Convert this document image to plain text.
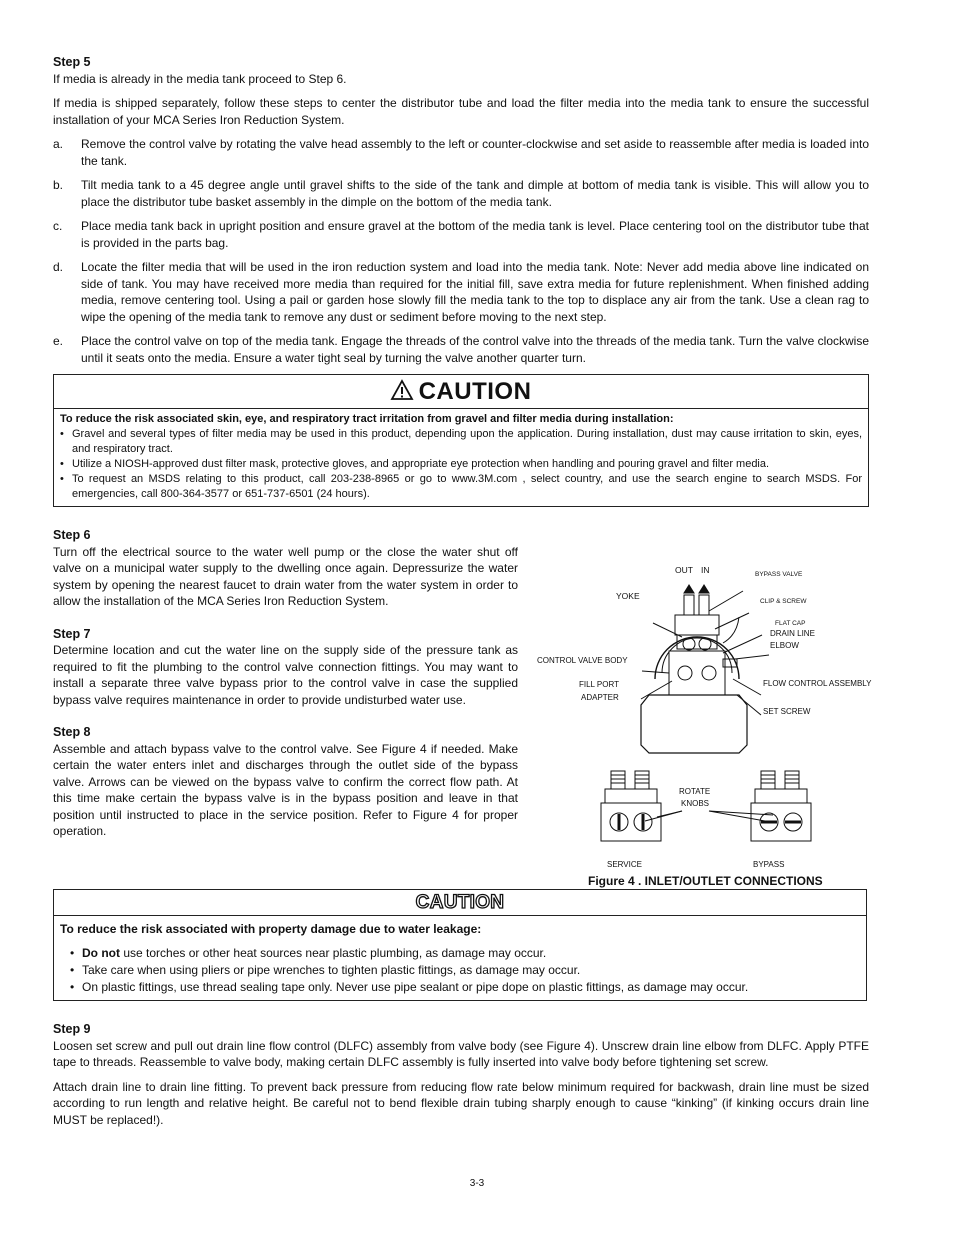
Step 5

If media is already in the media tank proceed to Step 6.

If media is shipped separately, follow these steps to center the distributor tube and load the filter media into the media tank to ensure the successful installation of your MCA Series Iron Reduction System.

a.	Remove the control valve by rotating the valve head assembly to the left or counter-clockwise and set aside to reassemble after media is loaded into the tank.
b.	Tilt media tank to a 45 degree angle until gravel shifts to the side of the tank and dimple at bottom of media tank is visible. This will allow you to place the distributor tube basket assembly in the dimple on the bottom of the media tank.
c.	Place media tank back in upright position and ensure gravel at the bottom of the media tank is level. Place centering tool on the distributor tube that is provided in the parts bag.
d.	Locate the filter media that will be used in the iron reduction system and load into the media tank. Note: Never add media above line indicated on side of tank. You may have received more media than required for the initial fill, save extra media for future replenishment. When finished adding media, remove centering tool. Using a pail or garden hose slowly fill the media tank to the top to displace any air from the tank. Use a clean rag to wipe the opening of the media tank to remove any dust or sediment before moving to the next step.
e.	Place the control valve on top of the media tank. Engage the threads of the control valve into the threads of the media tank. Turn the valve clockwise until it seats onto the media. Ensure a water tight seal by turning the valve another quarter turn.
CAUTION
To reduce the risk associated skin, eye, and respiratory tract irritation from gravel and filter media during installation:
• Gravel and several types of filter media may be used in this product, depending upon the application. During installation, dust may cause irritation to skin, eyes, and respiratory tract.
• Utilize a NIOSH-approved dust filter mask, protective gloves, and appropriate eye protection when handling and pouring gravel and filter media.
• To request an MSDS relating to this product, call 203-238-8965 or go to www.3M.com , select country, and use the search engine to search MSDS. For emergencies, call 800-364-3577 or 651-737-6501 (24 hours).
Step 6

Turn off the electrical source to the water well pump or the close the water shut off valve on a municipal water supply to the dwelling once again. Depressurize the water system by opening the nearest faucet to drain water from the water system in order to allow the installation of the MCA Series Iron Reduction System.

Step 7

Determine location and cut the water line on the supply side of the pressure tank as required to fit the plumbing to the control valve connection fittings. You may want to install a separate three valve bypass prior to the control valve in case the supplied bypass valve requires maintenance in order to provide undisturbed water use.

Step 8

Assemble and attach bypass valve to the control valve. See Figure 4 if needed. Make certain the water enters inlet and discharges through the outlet side of the bypass valve. Arrows can be viewed on the bypass valve to confirm the correct flow path. At this time make certain the bypass valve is in the bypass position and leave in that position until instructed to place in the service position. Refer to Figure 4 for proper operation.

OUT IN	BYPASS VALVE
YOKE
CLIP & SCREW
FLAT CAP
DRAIN LINE
ELBOW
CONTROL VALVE BODY
FILL PORT
ADAPTER
FLOW CONTROL ASSEMBLY
SET SCREW
ROTATE
KNOBS
SERVICE	BYPASS
Figure 4 . INLET/OUTLET CONNECTIONS
CAUTION
To reduce the risk associated with property damage due to water leakage:
• Do not use torches or other heat sources near plastic plumbing, as damage may occur.
• Take care when using pliers or pipe wrenches to tighten plastic fittings, as damage may occur.
• On plastic fittings, use thread sealing tape only. Never use pipe sealant or pipe dope on plastic fittings, as damage may occur.
Step 9

Loosen set screw and pull out drain line flow control (DLFC) assembly from valve body (see Figure 4). Unscrew drain line elbow from DLFC. Apply PTFE tape to threads. Reassemble to valve body, making certain DLFC assembly is fully inserted into valve body before tightening set screw.

Attach drain line to drain line fitting. To prevent back pressure from reducing flow rate below minimum required for backwash, drain line must be sized according to run length and relative height. Be careful not to bend flexible drain tubing sharply enough to cause “kinking” (if kinking occurs drain line MUST be replaced!).

3-3
